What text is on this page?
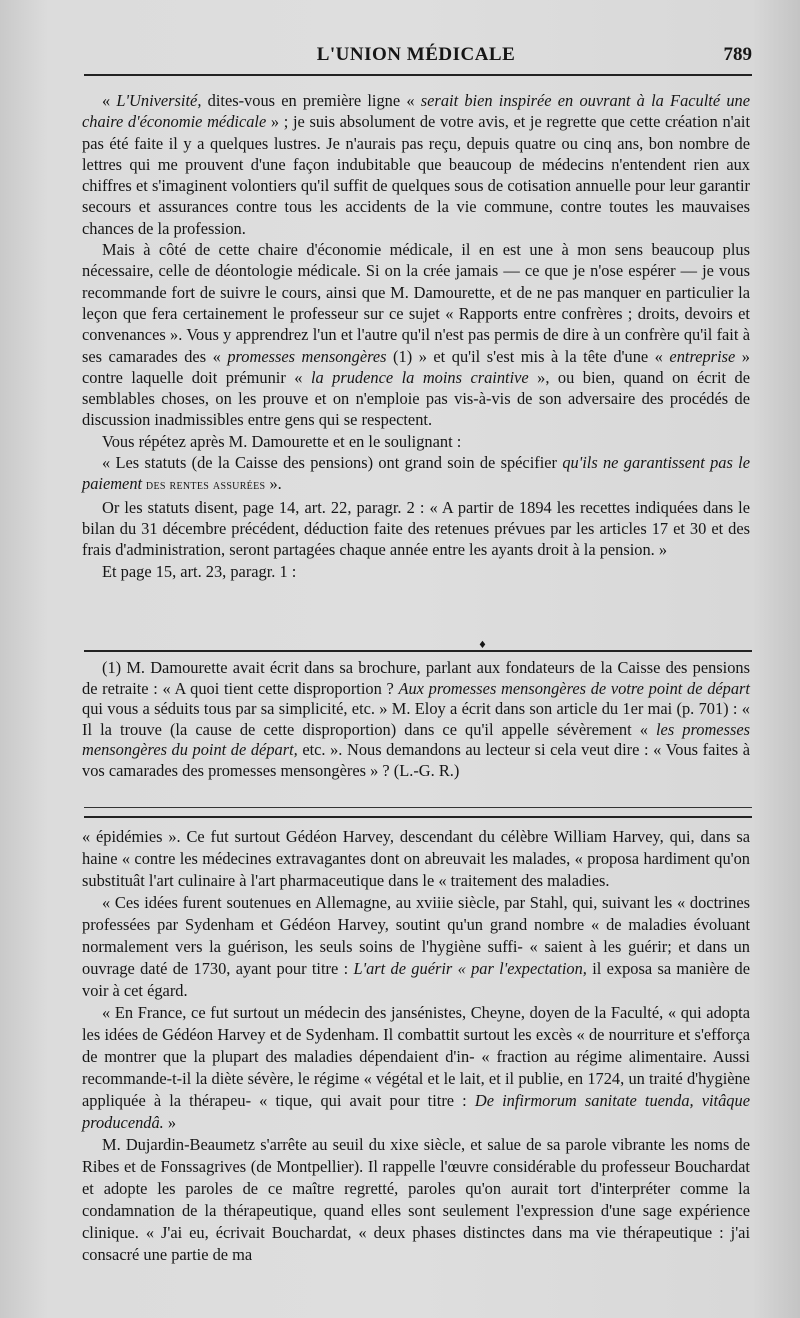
L'UNION MÉDICALE	789

« L'Université, dites-vous en première ligne « serait bien inspirée en ouvrant à la Faculté une chaire d'économie médicale » ; je suis absolument de votre avis, et je regrette que cette création n'ait pas été faite il y a quelques lustres. Je n'aurais pas reçu, depuis quatre ou cinq ans, bon nombre de lettres qui me prouvent d'une façon indubitable que beaucoup de médecins n'entendent rien aux chiffres et s'imaginent volontiers qu'il suffit de quelques sous de cotisation annuelle pour leur garantir secours et assurances contre tous les accidents de la vie commune, contre toutes les mauvaises chances de la profession.

Mais à côté de cette chaire d'économie médicale, il en est une à mon sens beaucoup plus nécessaire, celle de déontologie médicale. Si on la crée jamais — ce que je n'ose espérer — je vous recommande fort de suivre le cours, ainsi que M. Damourette, et de ne pas manquer en particulier la leçon que fera certainement le professeur sur ce sujet « Rapports entre confrères ; droits, devoirs et convenances ». Vous y apprendrez l'un et l'autre qu'il n'est pas permis de dire à un confrère qu'il fait à ses camarades des « promesses mensongères (1) » et qu'il s'est mis à la tête d'une « entreprise » contre laquelle doit prémunir « la prudence la moins craintive », ou bien, quand on écrit de semblables choses, on les prouve et on n'emploie pas vis-à-vis de son adversaire des procédés de discussion inadmissibles entre gens qui se respectent.

Vous répétez après M. Damourette et en le soulignant :

« Les statuts (de la Caisse des pensions) ont grand soin de spécifier qu'ils ne garantissent pas le paiement des rentes assurées ».

Or les statuts disent, page 14, art. 22, paragr. 2 : « A partir de 1894 les recettes indiquées dans le bilan du 31 décembre précédent, déduction faite des retenues prévues par les articles 17 et 30 et des frais d'administration, seront partagées chaque année entre les ayants droit à la pension. »

Et page 15, art. 23, paragr. 1 :

♦

(1) M. Damourette avait écrit dans sa brochure, parlant aux fondateurs de la Caisse des pensions de retraite : « A quoi tient cette disproportion ? Aux promesses mensongères de votre point de départ qui vous a séduits tous par sa simplicité, etc. » M. Eloy a écrit dans son article du 1er mai (p. 701) : « Il la trouve (la cause de cette disproportion) dans ce qu'il appelle sévèrement « les promesses mensongères du point de départ, etc. ». Nous demandons au lecteur si cela veut dire : « Vous faites à vos camarades des promesses mensongères » ? (L.-G. R.)

« épidémies ». Ce fut surtout Gédéon Harvey, descendant du célèbre William Harvey, qui, dans sa haine « contre les médecines extravagantes dont on abreuvait les malades, « proposa hardiment qu'on substituât l'art culinaire à l'art pharmaceutique dans le « traitement des maladies.

« Ces idées furent soutenues en Allemagne, au xviiie siècle, par Stahl, qui, suivant les « doctrines professées par Sydenham et Gédéon Harvey, soutint qu'un grand nombre « de maladies évoluant normalement vers la guérison, les seuls soins de l'hygiène suffi- « saient à les guérir; et dans un ouvrage daté de 1730, ayant pour titre : L'art de guérir « par l'expectation, il exposa sa manière de voir à cet égard.

« En France, ce fut surtout un médecin des jansénistes, Cheyne, doyen de la Faculté, « qui adopta les idées de Gédéon Harvey et de Sydenham. Il combattit surtout les excès « de nourriture et s'efforça de montrer que la plupart des maladies dépendaient d'in- « fraction au régime alimentaire. Aussi recommande-t-il la diète sévère, le régime « végétal et le lait, et il publie, en 1724, un traité d'hygiène appliquée à la thérapeu- « tique, qui avait pour titre : De infirmorum sanitate tuenda, vitâque producendâ. »

M. Dujardin-Beaumetz s'arrête au seuil du xixe siècle, et salue de sa parole vibrante les noms de Ribes et de Fonssagrives (de Montpellier). Il rappelle l'œuvre considérable du professeur Bouchardat et adopte les paroles de ce maître regretté, paroles qu'on aurait tort d'interpréter comme la condamnation de la thérapeutique, quand elles sont seulement l'expression d'une sage expérience clinique. « J'ai eu, écrivait Bouchardat, « deux phases distinctes dans ma vie thérapeutique : j'ai consacré une partie de ma
